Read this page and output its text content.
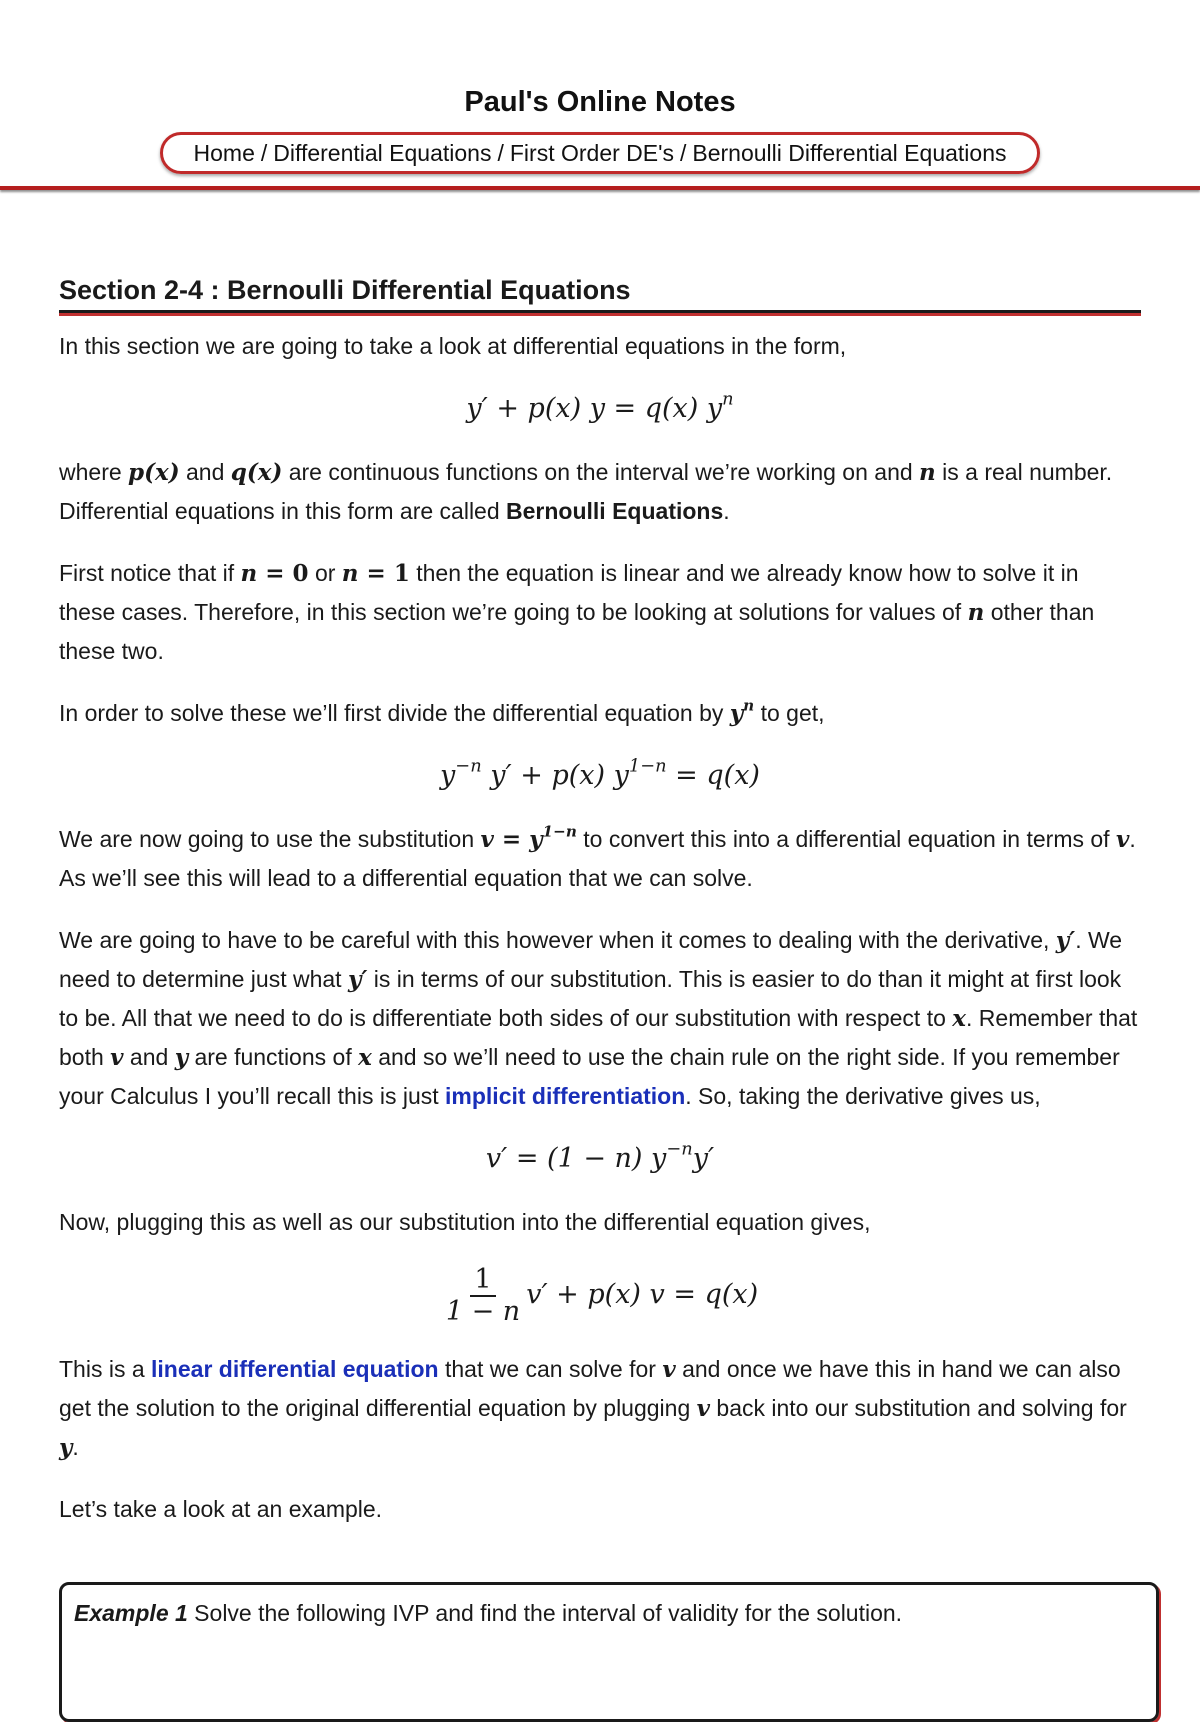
Paul's Online Notes
Home / Differential Equations / First Order DE's / Bernoulli Differential Equations
Section 2-4 : Bernoulli Differential Equations

In this section we are going to take a look at differential equations in the form,

y′ + p(x) y = q(x) $y^n$

where p(x) and q(x) are continuous functions on the interval we’re working on and n is a real number. Differential equations in this form are called Bernoulli Equations.

First notice that if n = 0 or n = 1 then the equation is linear and we already know how to solve it in these cases. Therefore, in this section we’re going to be looking at solutions for values of n other than these two.

In order to solve these we’ll first divide the differential equation by $y^n$ to get,

$y^{-n}$ y′ + p(x) $y^{1-n} = q(x)$

We are now going to use the substitution $v = y^{1-n}$ to convert this into a differential equation in terms of v. As we’ll see this will lead to a differential equation that we can solve.

We are going to have to be careful with this however when it comes to dealing with the derivative, y′. We need to determine just what y′ is in terms of our substitution. This is easier to do than it might at first look to be. All that we need to do is differentiate both sides of our substitution with respect to x. Remember that both v and y are functions of x and so we’ll need to use the chain rule on the right side. If you remember your Calculus I you’ll recall this is just implicit differentiation. So, taking the derivative gives us,

v′ = (1 − n) $y^{-n}y'$

Now, plugging this as well as our substitution into the differential equation gives,

$\frac{1}{1 - n} v' + p(x) v = q(x)$

This is a linear differential equation that we can solve for v and once we have this in hand we can also get the solution to the original differential equation by plugging v back into our substitution and solving for y.

Let’s take a look at an example.

Example 1 Solve the following IVP and find the interval of validity for the solution.
